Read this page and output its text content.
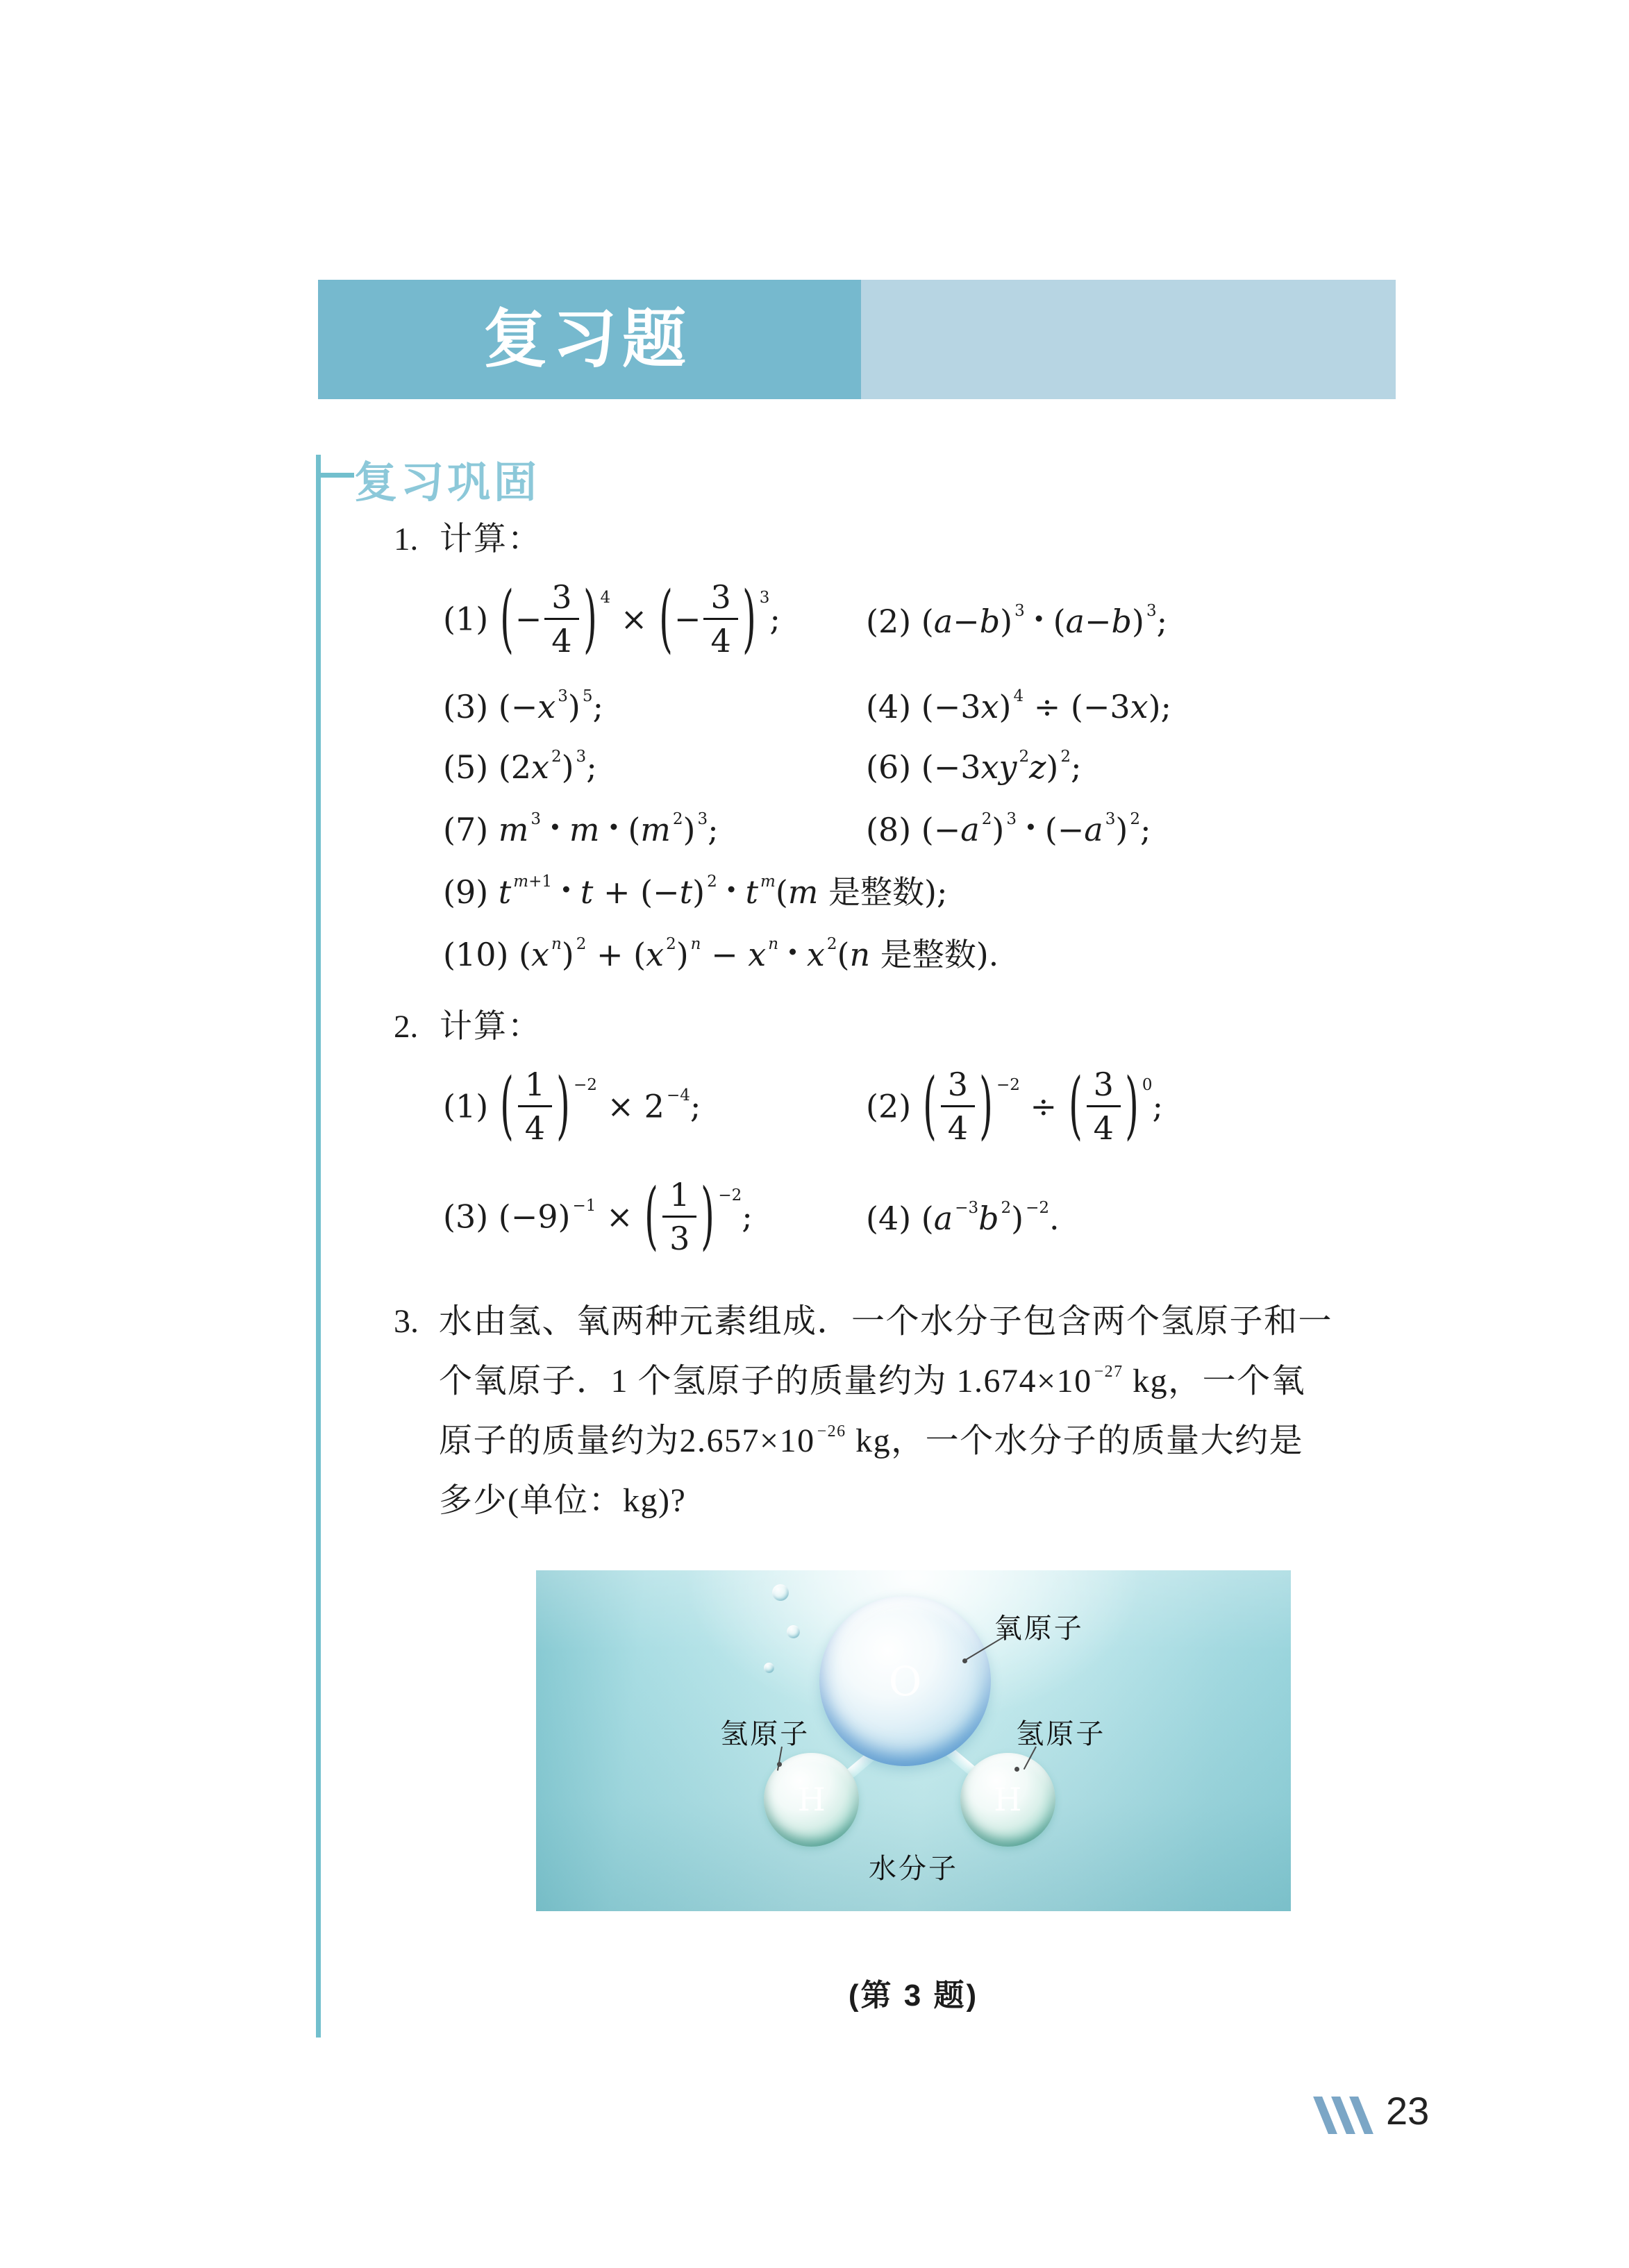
复习题
复习巩固
1. 计算：
(1) (− $\frac{3}{4}$ ) $^4$ × (− $\frac{3}{4}$ ) $^3$;	(2) (a−b) $^3$ · (a−b) $^3$;
(3) (−x $^3$) $^5$;	(4) (−3x) $^4$ ÷ (−3x);
(5) (2x $^2$) $^3$;	(6) (−3xy $^2$z) $^2$;
(7) m $^3$ · m · (m $^2$) $^3$;	(8) (−a $^2$) $^3$ · (−a $^3$) $^2$;
(9) t $^{m+1}$ · t + (−t) $^2$ · t $^m$(m 是整数);
(10) (x $^n$) $^2$ + (x $^2$) $^n$ − x $^n$ · x $^2$(n 是整数).
2. 计算：
(1) ( $\frac{1}{4}$ ) $^{-2}$ × 2 $^{-4}$;	(2) ( $\frac{3}{4}$ ) $^{-2}$ ÷ ( $\frac{3}{4}$ ) $^0$;
(3) (−9) $^{-1}$ × ( $\frac{1}{3}$ ) $^{-2}$;	(4) (a $^{-3}$b $^2$) $^{-2}$.
3. 水由氢、氧两种元素组成．一个水分子包含两个氢原子和一
个氧原子．1 个氢原子的质量约为 1.674×10 $^{-27}$ kg，一个氧
原子的质量约为2.657×10 $^{-26}$ kg，一个水分子的质量大约是
多少(单位：kg)?
O
H	H
氧原子
氢原子	氢原子
水分子
(第 3 题)
23
